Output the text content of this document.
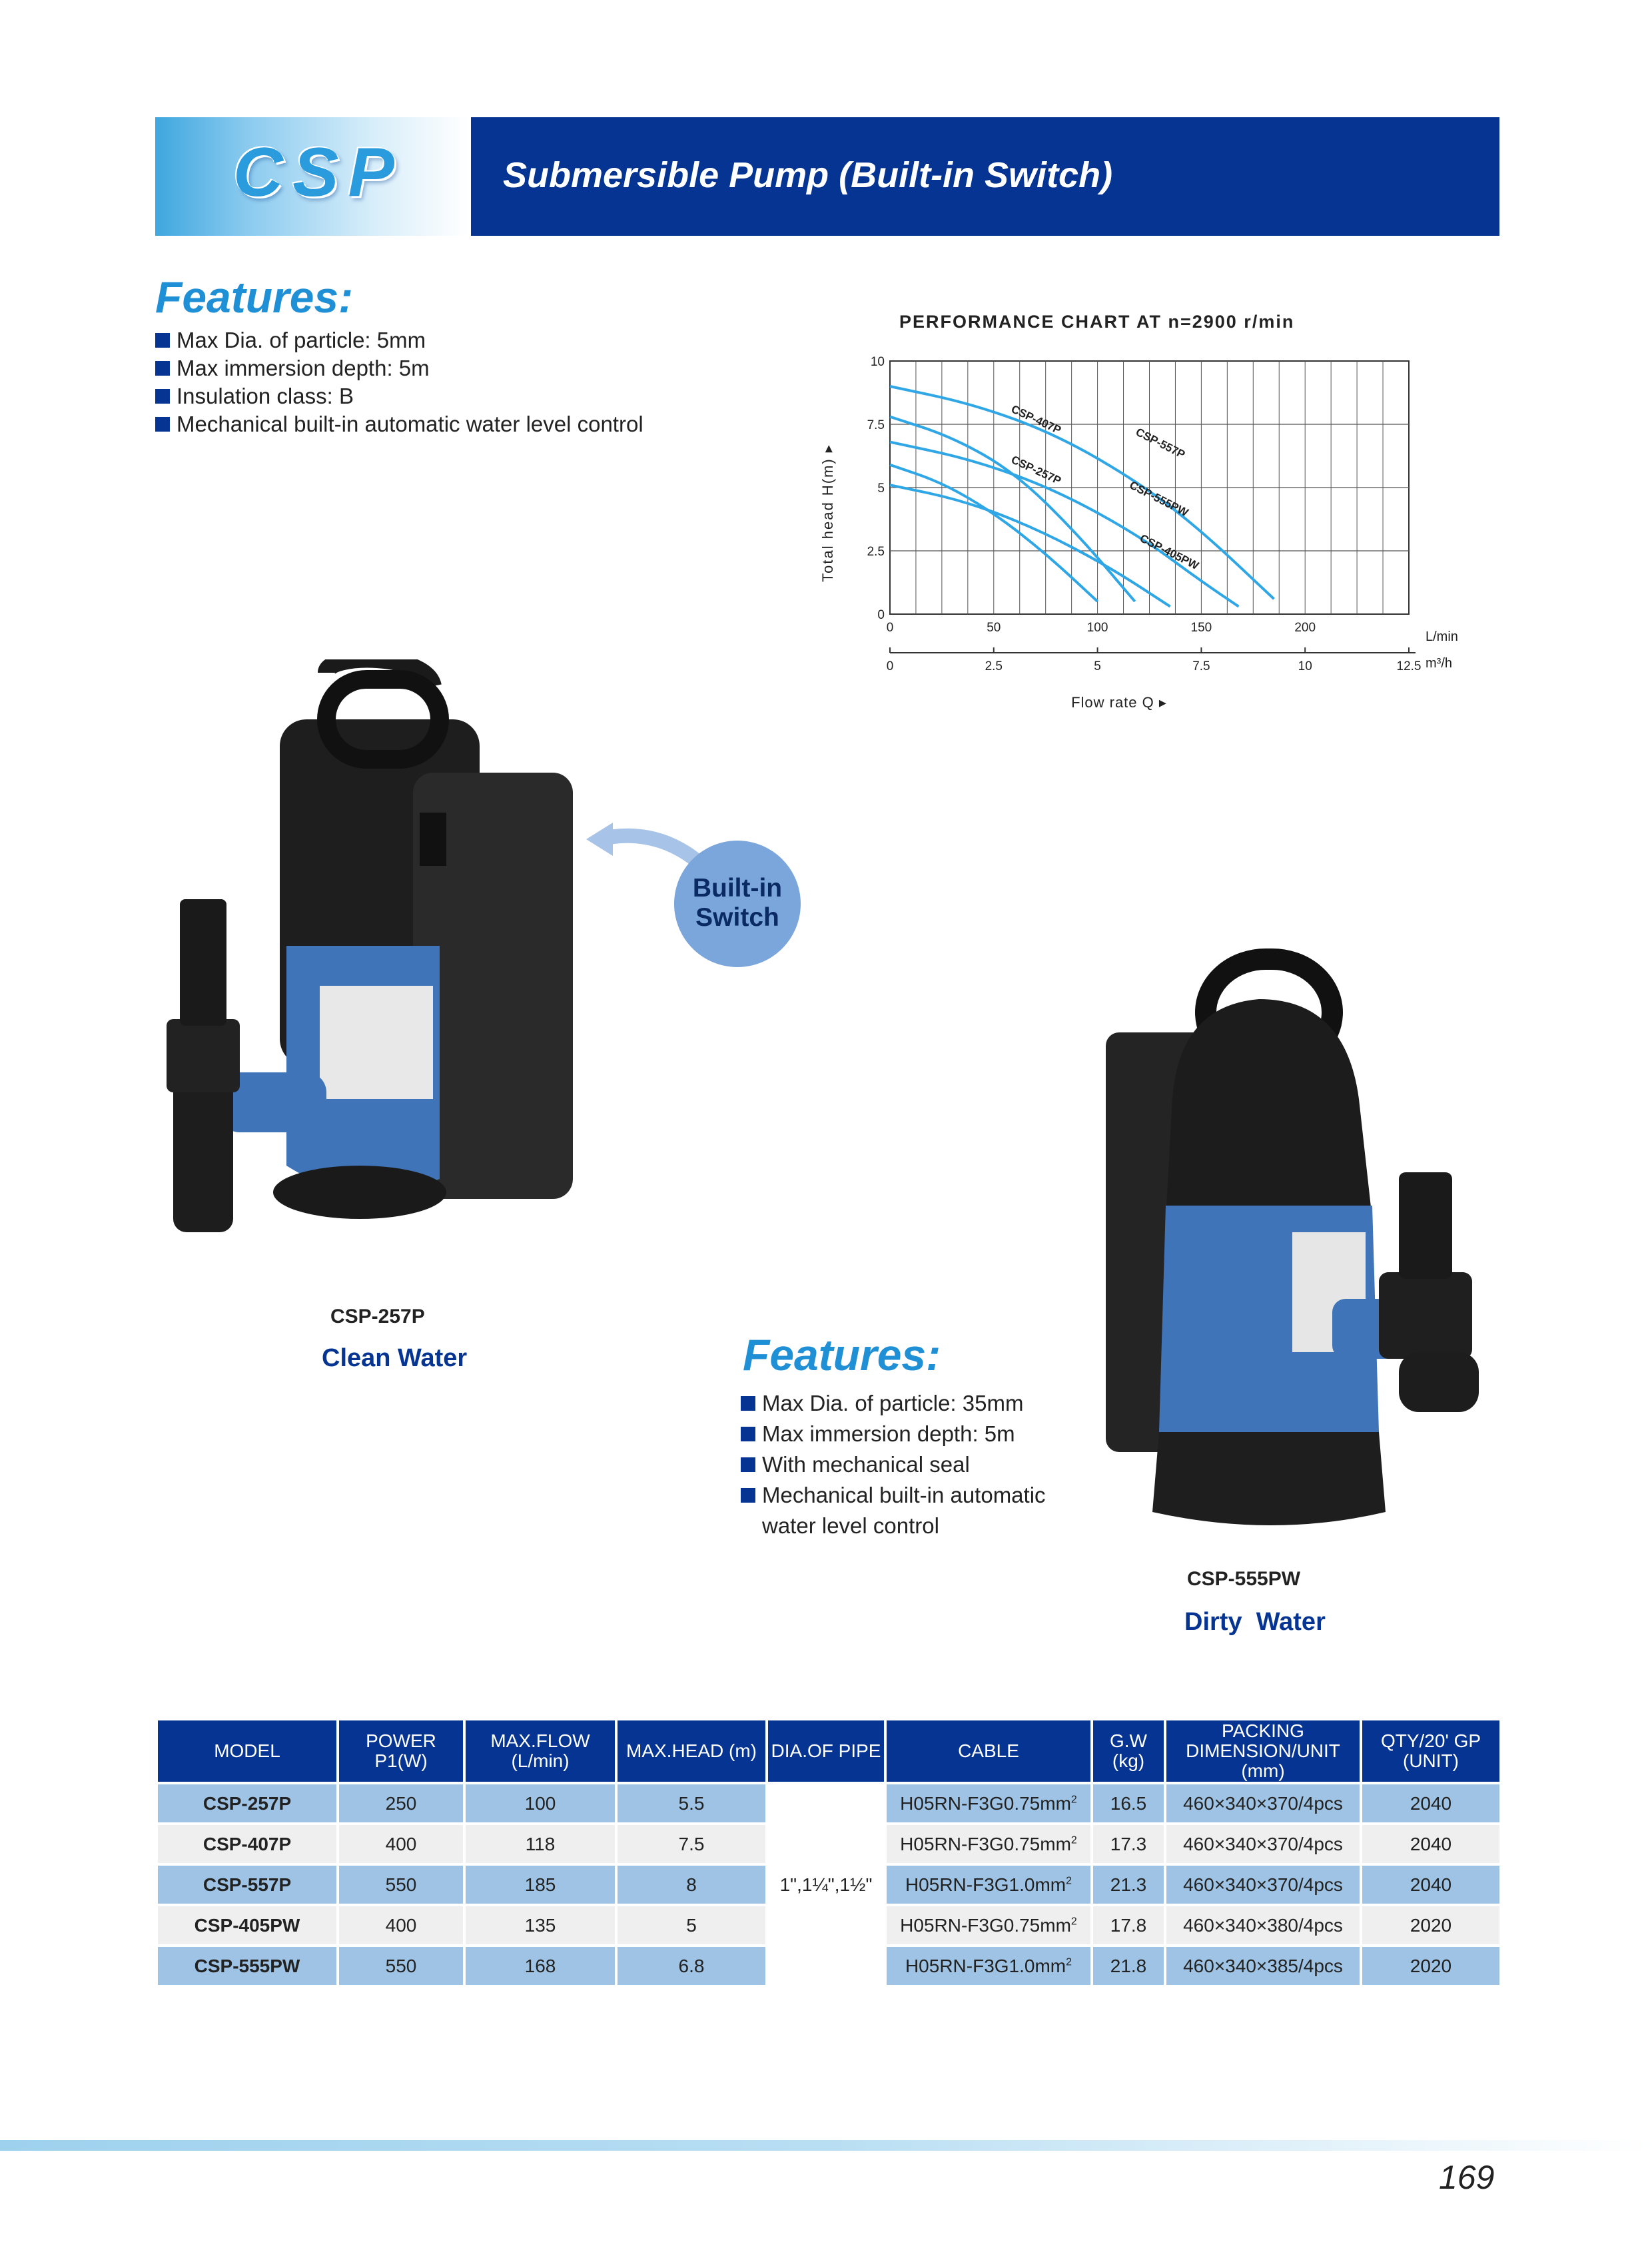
CSP	Submersible Pump (Built-in Switch)
Features:
Max Dia. of particle: 5mm
Max immersion depth: 5m
Insulation class: B
Mechanical built-in automatic water level control
PERFORMANCE CHART AT n=2900 r/min
0
2.5
5
7.5
10
0	50	100	150	200
0	2.5	5	7.5	10	12.5
CSP-407P
CSP-557P
CSP-257P
CSP-555PW
CSP-405PW
Total head H(m) ▸
Flow rate Q ▸
L/min
m³/h
Built-in
Switch
CSP-257P
Clean Water	Features:
Max Dia. of particle: 35mm
Max immersion depth: 5m
With mechanical seal
Mechanical built-in automatic
water level control
CSP-555PW
Dirty  Water
MODEL	POWER P1(W)	MAX.FLOW (L/min)	MAX.HEAD (m)	DIA.OF PIPE	CABLE	G.W (kg)	PACKING DIMENSION/UNIT (mm)	QTY/20' GP (UNIT)
CSP-257P	250	100	5.5	1",1¼",1½"	$H05RN-F3G0.75mm^2$	16.5	460×340×370/4pcs	2040
CSP-407P	400	118	7.5		$H05RN-F3G0.75mm^2$	17.3	460×340×370/4pcs	2040
CSP-557P	550	185	8		$H05RN-F3G1.0mm^2$	21.3	460×340×370/4pcs	2040
CSP-405PW	400	135	5		$H05RN-F3G0.75mm^2$	17.8	460×340×380/4pcs	2020
CSP-555PW	550	168	6.8		$H05RN-F3G1.0mm^2$	21.8	460×340×385/4pcs	2020
169
